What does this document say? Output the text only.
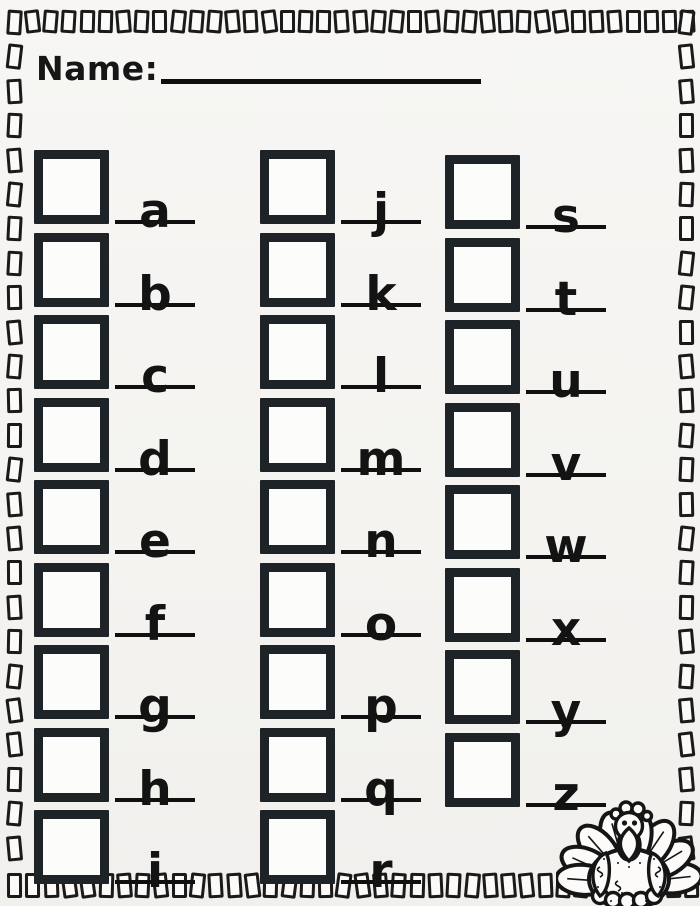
Name:
a
b
c
d
e
f
g
h
i
j
k
l
m
n
o
p
q
r
s
t
u
v
w
x
y
z
